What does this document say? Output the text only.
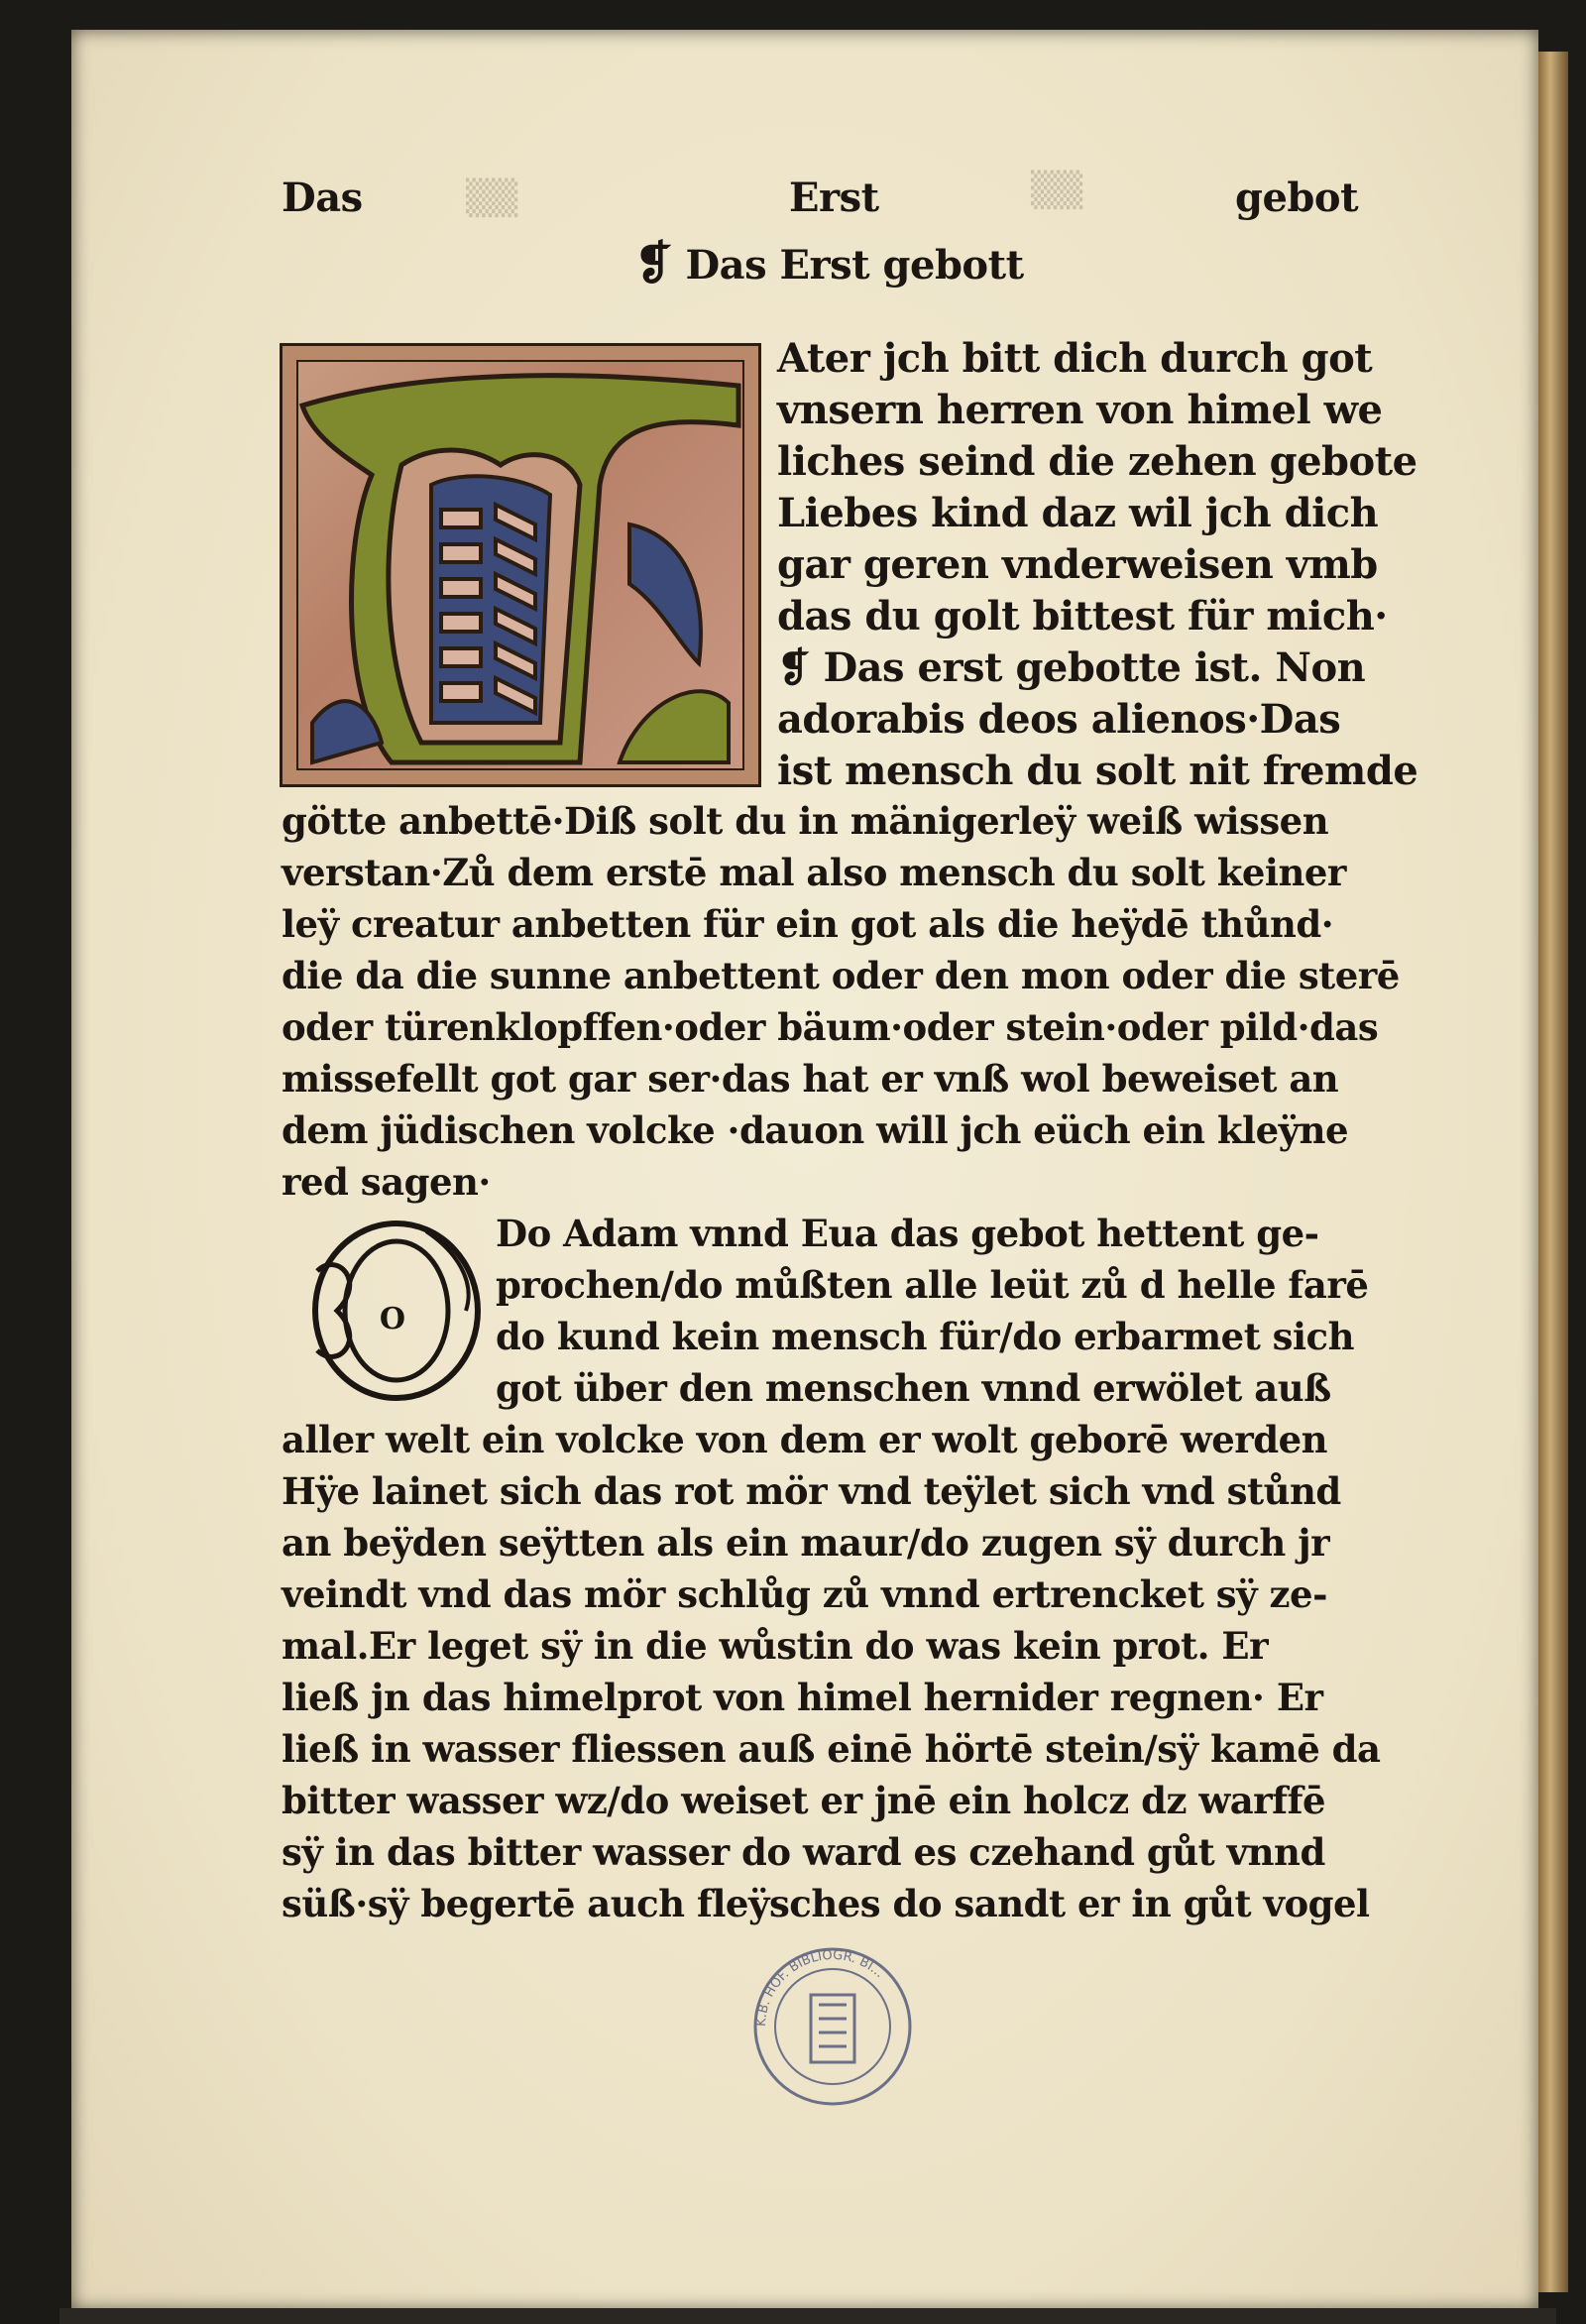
▒▒	▒▒
Das	Erst	gebot
❡ Das Erst gebott
Ater jch bitt dich durch got
vnsern herren von himel we
liches seind die zehen gebote
Liebes kind daz wil jch dich
gar geren vnderweisen vmb
das du golt bittest für mich·
❡ Das erst gebotte ist. Non
adorabis deos alienos·Das
ist mensch du solt nit fremde
götte anbettē·Diß solt du in mänigerleÿ weiß wissen
verstan·Zů dem erstē mal also mensch du solt keiner
leÿ creatur anbetten für ein got als die heÿdē thůnd·
die da die sunne anbettent oder den mon oder die sterē
oder türenklopffen·oder bäum·oder stein·oder pild·das
missefellt got gar ser·das hat er vnß wol beweiset an
dem jüdischen volcke ·dauon will jch eüch ein kleÿne
red sagen·
O
Do Adam vnnd Eua das gebot hettent ge-
prochen/do můßten alle leüt zů d helle farē
do kund kein mensch für/do erbarmet sich
got über den menschen vnnd erwölet auß
aller welt ein volcke von dem er wolt geborē werden
Hÿe lainet sich das rot mör vnd teÿlet sich vnd stůnd
an beÿden seÿtten als ein maur/do zugen sÿ durch jr
veindt vnd das mör schlůg zů vnnd ertrencket sÿ ze-
mal.Er leget sÿ in die wůstin do was kein prot. Er
ließ jn das himelprot von himel hernider regnen· Er
ließ in wasser fliessen auß einē hörtē stein/sÿ kamē da
bitter wasser wz/do weiset er jnē ein holcz dz warffē
sÿ in das bitter wasser do ward es czehand gůt vnnd
süß·sÿ begertē auch fleÿsches do sandt er in gůt vogel
K.B. HOF. BIBLIOGR. BI...
